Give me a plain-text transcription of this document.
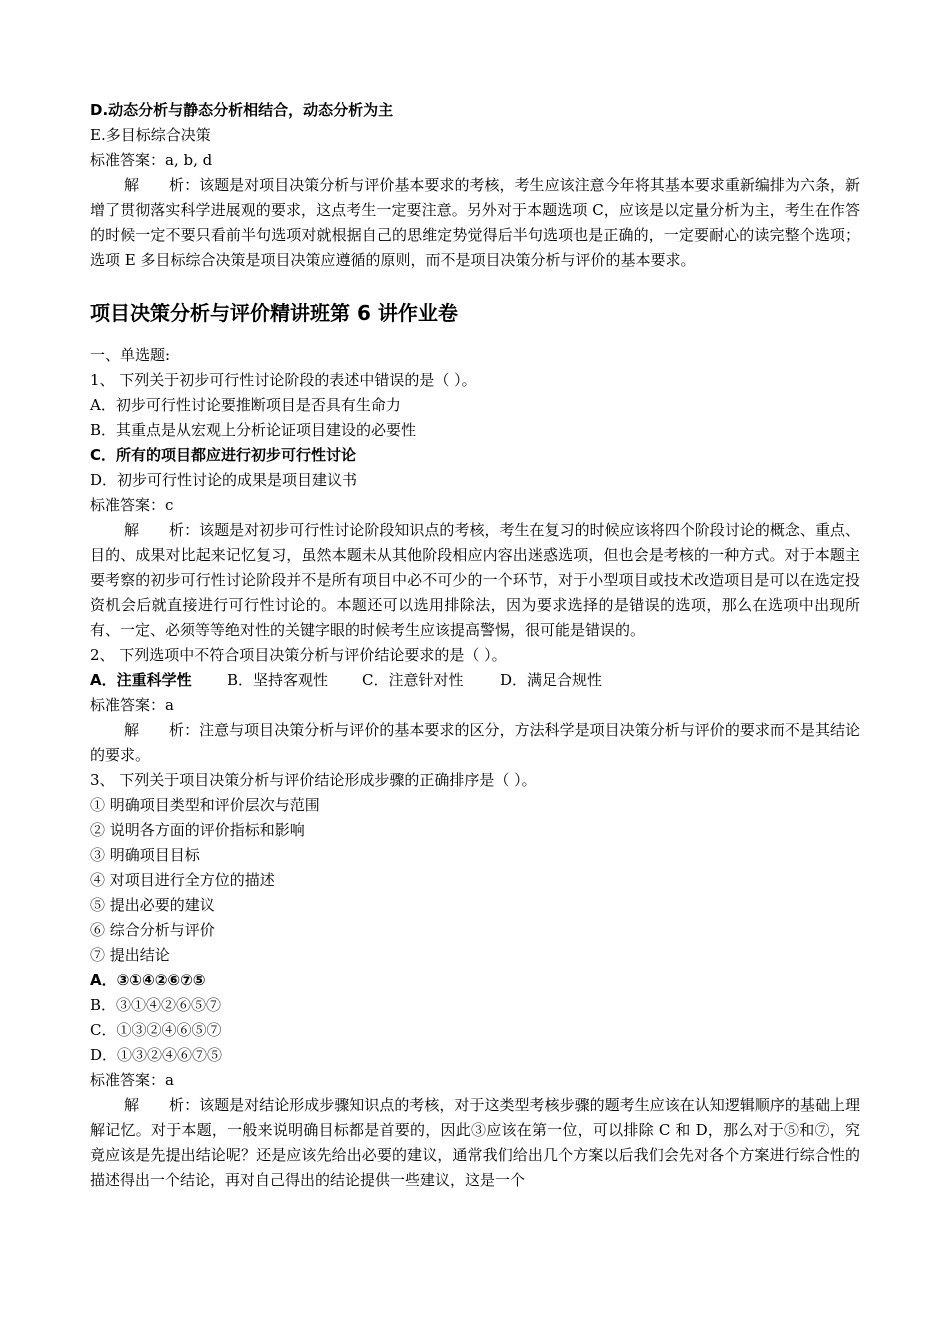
D.动态分析与静态分析相结合，动态分析为主
E.多目标综合决策
标准答案：a, b, d
解　　析：该题是对项目决策分析与评价基本要求的考核，考生应该注意今年将其基本要求重新编排为六条，新增了贯彻落实科学进展观的要求，这点考生一定要注意。另外对于本题选项 C，应该是以定量分析为主，考生在作答的时候一定不要只看前半句选项对就根据自己的思维定势觉得后半句选项也是正确的，一定要耐心的读完整个选项；选项 E 多目标综合决策是项目决策应遵循的原则，而不是项目决策分析与评价的基本要求。
项目决策分析与评价精讲班第 6 讲作业卷
一、单选题:
1、 下列关于初步可行性讨论阶段的表述中错误的是（ ）。
A．初步可行性讨论要推断项目是否具有生命力
B．其重点是从宏观上分析论证项目建设的必要性
C．所有的项目都应进行初步可行性讨论
D．初步可行性讨论的成果是项目建议书
标准答案：c
解　　析：该题是对初步可行性讨论阶段知识点的考核，考生在复习的时候应该将四个阶段讨论的概念、重点、目的、成果对比起来记忆复习，虽然本题未从其他阶段相应内容出迷惑选项，但也会是考核的一种方式。对于本题主要考察的初步可行性讨论阶段并不是所有项目中必不可少的一个环节，对于小型项目或技术改造项目是可以在选定投资机会后就直接进行可行性讨论的。本题还可以选用排除法，因为要求选择的是错误的选项，那么在选项中出现所有、一定、必须等等绝对性的关键字眼的时候考生应该提高警惕，很可能是错误的。
2、 下列选项中不符合项目决策分析与评价结论要求的是（ ）。
A．注重科学性 B．坚持客观性 C．注意针对性 D．满足合规性
标准答案：a
解　　析：注意与项目决策分析与评价的基本要求的区分，方法科学是项目决策分析与评价的要求而不是其结论的要求。
3、 下列关于项目决策分析与评价结论形成步骤的正确排序是（ ）。
① 明确项目类型和评价层次与范围
② 说明各方面的评价指标和影响
③ 明确项目目标
④ 对项目进行全方位的描述
⑤ 提出必要的建议
⑥ 综合分析与评价
⑦ 提出结论
A．③①④②⑥⑦⑤
B．③①④②⑥⑤⑦
C．①③②④⑥⑤⑦
D．①③②④⑥⑦⑤
标准答案：a
解　　析：该题是对结论形成步骤知识点的考核，对于这类型考核步骤的题考生应该在认知逻辑顺序的基础上理解记忆。对于本题，一般来说明确目标都是首要的，因此③应该在第一位，可以排除 C 和 D，那么对于⑤和⑦，究竟应该是先提出结论呢？还是应该先给出必要的建议，通常我们给出几个方案以后我们会先对各个方案进行综合性的描述得出一个结论，再对自己得出的结论提供一些建议，这是一个
